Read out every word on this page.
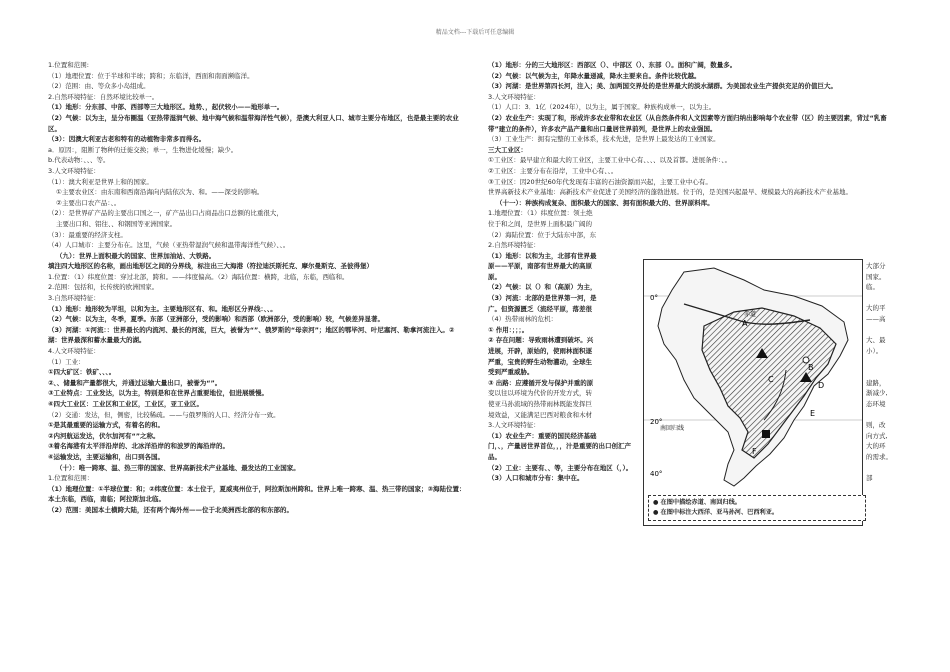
精品文档---下载后可任意编辑

1.位置和范围:

（1）地理位置：位于半球和半球；跨和；东临洋，西面和南面濒临洋。

（2）范围：由、等众多小岛组成。

2.自然环境特征：自然环境比较单一。

（1）地形：分东部、中部、西部等三大地形区。地势、，起伏较小——地形单一。

（2）气候：以为主，呈分布圈温（亚热带湿润气候、地中海气候和温带海洋性气候），是澳大利亚人口、城市主要分布地区，也是最主要的农业区。

（3）：因澳大利亚古老和特有的动植物非常多而得名。

a．原因：，阻断了物种的迁徙交换；单一，生物进化缓慢；缺少。

b.代表动物：、、、等。

3.人文环境特征：

（1）：澳大利亚是世界上和的国家。

①主要农业区：由东南和西南沿海向内陆依次为、和。——深受的影响。

②主要出口农产品：、。

（2）：是世界矿产品的主要出口国之一，矿产品出口占商品出口总额的比重很大，

主要出口和、铝往、、和钢国等亚洲国家。

（3）：最重要的经济支柱。

（4）人口城市：主要分布在。这里，气候（亚热带湿润气候和温带海洋性气候）、、。

（九）：世界上面积最大的国家、世界加油站、大铁路。

填注四大地形区的名称，画出地形区之间的分界线，标注出三大海港（符拉迪沃斯托克、摩尔曼斯克、圣彼得堡）

1.位置：（1）纬度位置：穿过北部，跨和。——纬度偏高。（2）海陆位置：横跨，北临，东临，西临和。

2.范围：包括和，长传统的欧洲国家。

3.自然环境特征：

（1）地形：地形较为平坦，以和为主。主要地形区有、和。地形区分界线：、、。

（2）气候：以为主，冬季，夏季。东部（亚洲部分，受的影响）和西部（欧洲部分，受的影响）较，气候差异显著。

（3）河湖：①河流：：世界最长的内流河、最长的河流，巨大，被誉为“”、俄罗斯的“母亲河”；地区的鄂毕河、叶尼塞河、勒拿河流注入。②湖：世界最深和蓄水量最大的湖。

4.人文环境特征：

（1）工业：

①四大矿区：铁矿、、、。

②、、储量和产量都很大，并通过运输大量出口，被誉为“”。

③工业特点：工业发达，以为主，特别是和在世界占重要地位，但进展缓慢。

④四大工业区：工业区和工业区，工业区，亚工业区。

（2）交通：发达，但，侧密，比较稀疏。——与俄罗斯的人口、经济分布一致。

①是其最重要的运输方式，有着名的和。

②内河航运发达，伏尔加河有“”之称。

③着名海港有太平洋沿岸的、北冰洋沿岸的和波罗的海沿岸的。

④运输发达，主要运输和，出口到各国。

（十）：唯一跨寒、温、热三带的国家、世界高新技术产业基地、最发达的工业国家。

1.位置和范围：

（1）地理位置：①半球位置：和；②纬度位置：本土位于，夏威夷州位于，阿拉斯加州跨和。世界上唯一跨寒、温、热三带的国家；③海陆位置：本土东临，西临，南临；阿拉斯加北临。

（2）范围：美国本土横跨大陆，还有两个海外州——位于北美洲西北部的和东部的。

（1）地形：分的三大地形区：西部区（）、中部区（）、东部（）。面积广阔，数量多。

（2）气候：以气候为主，年降水量递减，降水主要来自。条件比较优越。

（3）河湖：是世界第四长河，注入；美、加两国交界处的是世界最大的淡水湖群。为美国农业生产提供充足的价值巨大。

3.人文环境特征：

（1）人口：3．1亿（2024年），以为主，属于国家。种族构成单一，以为主。

（2）农业生产：实现了和，形成许多农业带和农业区（从自然条件和人文因素等方面归纳出影响每个农业带（区）的主要因素，背过“乳畜带”建立的条件），许多农产品产量和出口量居世界前列，是世界上的农业强国。

（3）工业生产：拥有完整的工业体系，技术先进，是世界上最发达的工业国家。

三大工业区：

①工业区：最早建立和最大的工业区，主要工业中心有、、、、以及首都。进展条件：、。

②工业区：主要分布在沿岸，工业中心有、、。

③工业区：因20世纪60年代发现有丰富的石油资源而兴起，主要工业中心有。

世界高新技术产业基地：高新技术产业促进了美国经济的蓬勃进展。位于的，是美国兴起最早、规模最大的高新技术产业基地。

（十一）：种族构成复杂、面积最大的国家、拥有面积最大的、世界原料库。

1.地理位置：（1）纬度位置：领土绝

位于和之间，是世界上面积最广阔的

（2）海陆位置：位于大陆东中部，东

2.自然环境特征：

（1）地形：以和为主，北部有世界最

原——平原，南部有世界最大的高原

原。

（2）气候：以（）和（高原）为主，

（3）河流：北部的是世界第一河，是

广。但资源匮乏（流经平原，落差很

（4）热带雨林的危机：

① 作用：；；；。

② 存在问题：导致雨林遭到破坏。兴

进展，开辟，原始的，使雨林面积逐

严重，宝贵的野生动物灌动，全球生

受到严重威胁。

③ 出路：应遵循开发与保护并重的原

变以往以环境为代价的开发方式，转

使亚马孙流域的热带雨林既能发挥巨

境效益，又能满足巴西对粮食和木材

3.人文环境特征：

（1）农业生产：重要的国民经济基础

门，、，产量居世界首位，，，汁是重要的出口创汇产品。

（2）工业：主要有、、等，主要分布在地区（，）。

（3）人口和城市分布：集中在。

大部分

国家。

临。

大的平

——高

大、最

小）。

建路，

渐减少,

态环境

则，改

向方式,

大的环

的需求。

部

0°
20°
40°
赤道
南回归线
A
B
C
D
E
F

● 在图中描绘赤道、南回归线。

● 在图中标注大西洋、亚马孙河、巴西利亚。
